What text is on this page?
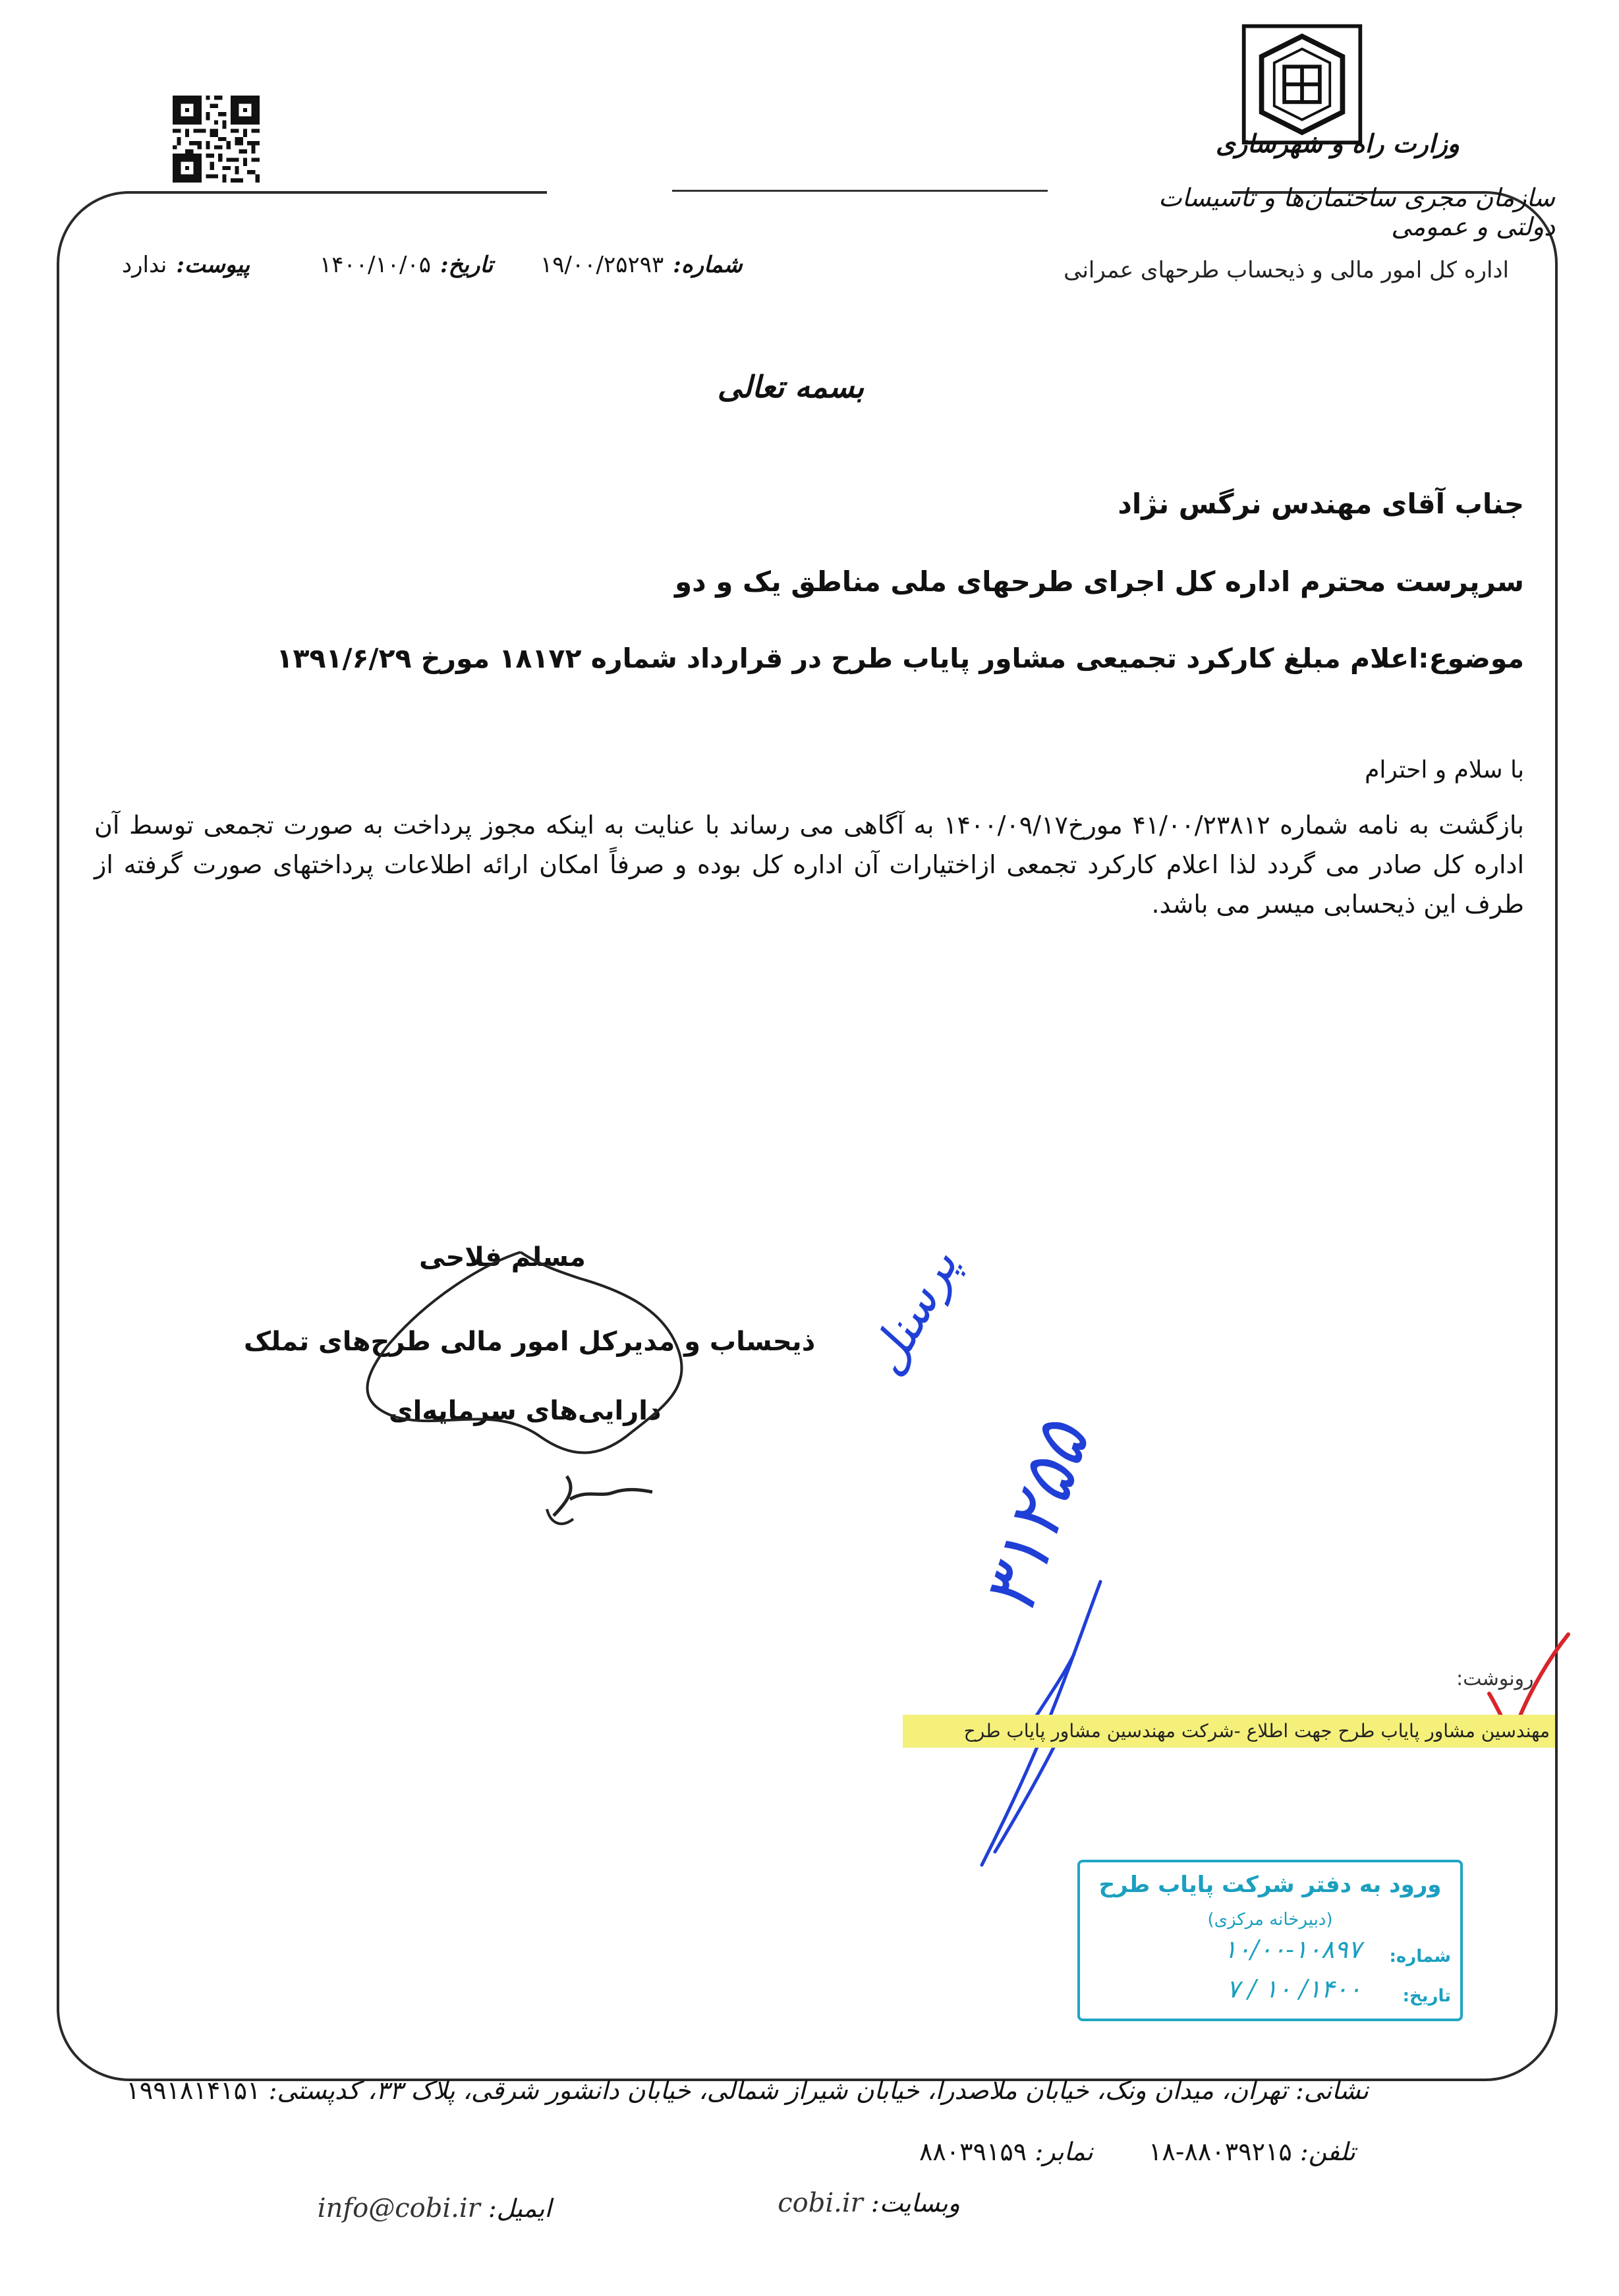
وزارت راه و شهرسازی
سازمان مجری ساختمان‌ها و تاسیسات دولتی و عمومی
اداره کل امور مالی و ذیحساب طرحهای عمرانی
شماره:۱۹/۰۰/۲۵۲۹۳
تاریخ:۱۴۰۰/۱۰/۰۵
پیوست:ندارد
بسمه تعالی
جناب آقای مهندس نرگس نژاد
سرپرست محترم اداره کل اجرای طرحهای ملی مناطق یک و دو
موضوع:اعلام مبلغ کارکرد تجمیعی مشاور پایاب طرح در قرارداد شماره ۱۸۱۷۲ مورخ ۱۳۹۱/۶/۲۹
با سلام و احترام
بازگشت به نامه شماره ۴۱/۰۰/۲۳۸۱۲ مورخ۱۴۰۰/۰۹/۱۷ به آگاهی می رساند با عنایت به اینکه مجوز پرداخت به صورت تجمعی توسط آن اداره کل صادر می گردد لذا اعلام کارکرد تجمعی ازاختیارات آن اداره کل بوده و صرفاً امکان ارائه اطلاعات پرداختهای صورت گرفته از طرف این ذیحسابی میسر می باشد.
مسلم فلاحی
ذیحساب و مدیرکل امور مالی طرح‌های تملک
دارایی‌های سرمایه‌ای
پرسنل
۳۱۲۵۵
رونوشت:
مهندسین مشاور پایاب طرح جهت اطلاع -شرکت مهندسین مشاور پایاب طرح
ورود به دفتر شرکت پایاب طرح
(دبیرخانه مرکزی)
شماره:
۱۰/۰۰-۱۰۸۹۷
تاریخ:
۱۴۰۰/ ۱۰ / ۷
نشانی: تهران، میدان ونک، خیابان ملاصدرا، خیابان شیراز شمالی، خیابان دانشور شرقی، پلاک ۳۳، کدپستی: ۱۹۹۱۸۱۴۱۵۱
تلفن: ۸۸۰۳۹۲۱۵-۱۸  نمابر: ۸۸۰۳۹۱۵۹
وبسایت: cobi.ir
ایمیل: info@cobi.ir
